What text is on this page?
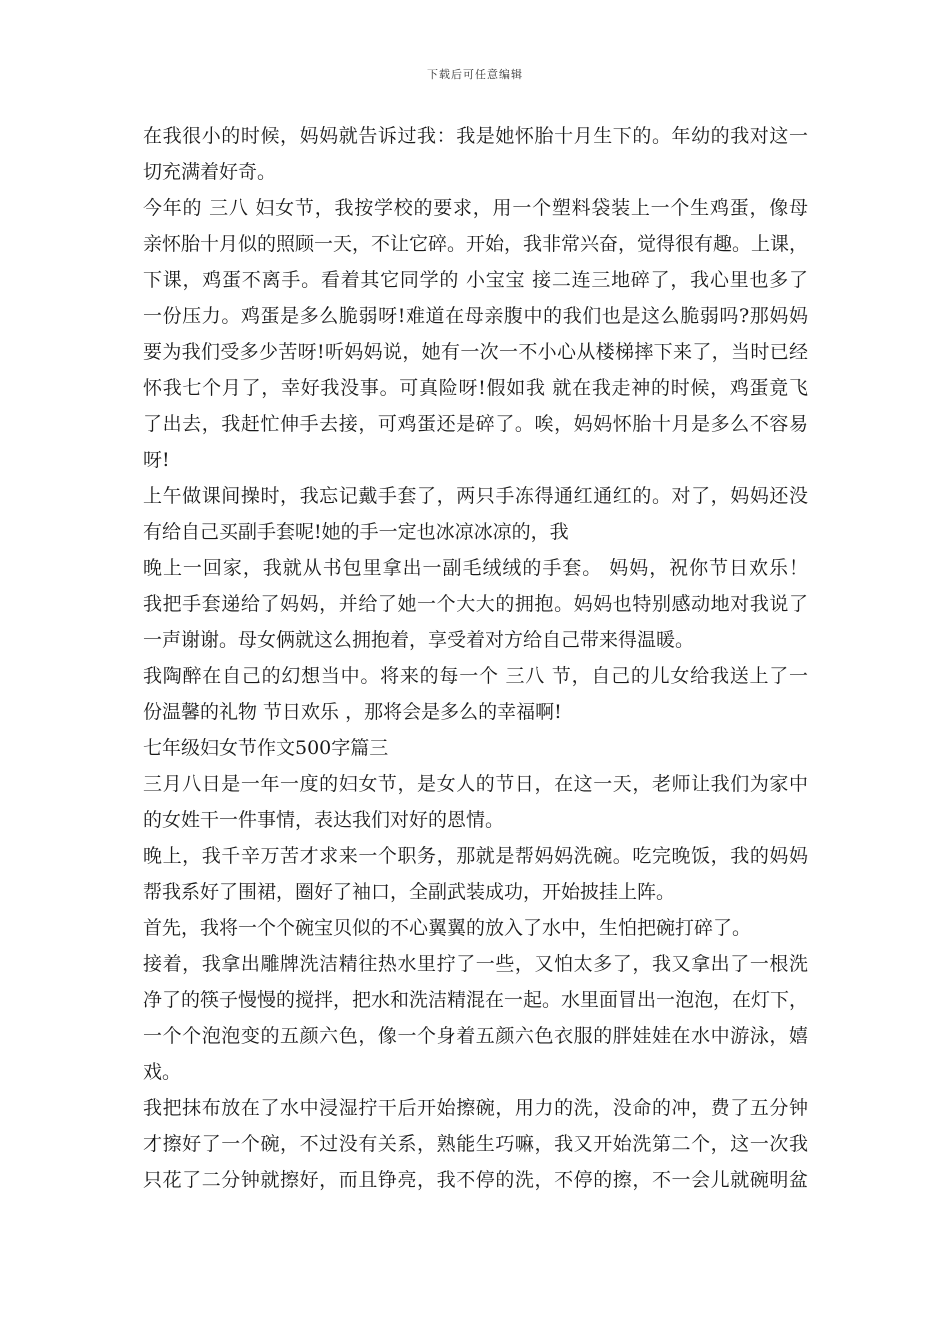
下载后可任意编辑
在我很小的时候，妈妈就告诉过我：我是她怀胎十月生下的。年幼的我对这一
切充满着好奇。
今年的 三八 妇女节，我按学校的要求，用一个塑料袋装上一个生鸡蛋，像母
亲怀胎十月似的照顾一天，不让它碎。开始，我非常兴奋，觉得很有趣。上课，
下课，鸡蛋不离手。看着其它同学的 小宝宝 接二连三地碎了，我心里也多了
一份压力。鸡蛋是多么脆弱呀!难道在母亲腹中的我们也是这么脆弱吗?那妈妈
要为我们受多少苦呀!听妈妈说，她有一次一不小心从楼梯摔下来了，当时已经
怀我七个月了，幸好我没事。可真险呀!假如我 就在我走神的时候，鸡蛋竟飞
了出去，我赶忙伸手去接，可鸡蛋还是碎了。唉，妈妈怀胎十月是多么不容易
呀!
上午做课间操时，我忘记戴手套了，两只手冻得通红通红的。对了，妈妈还没
有给自己买副手套呢!她的手一定也冰凉冰凉的，我
晚上一回家，我就从书包里拿出一副毛绒绒的手套。 妈妈，祝你节日欢乐！
我把手套递给了妈妈，并给了她一个大大的拥抱。妈妈也特别感动地对我说了
一声谢谢。母女俩就这么拥抱着，享受着对方给自己带来得温暖。
我陶醉在自己的幻想当中。将来的每一个 三八 节，自己的儿女给我送上了一
份温馨的礼物 节日欢乐 ，那将会是多么的幸福啊!
七年级妇女节作文500字篇三
三月八日是一年一度的妇女节，是女人的节日，在这一天，老师让我们为家中
的女姓干一件事情，表达我们对好的恩情。
晚上，我千辛万苦才求来一个职务，那就是帮妈妈洗碗。吃完晚饭，我的妈妈
帮我系好了围裙，圈好了袖口，全副武装成功，开始披挂上阵。
首先，我将一个个碗宝贝似的不心翼翼的放入了水中，生怕把碗打碎了。
接着，我拿出雕牌洗洁精往热水里拧了一些，又怕太多了，我又拿出了一根洗
净了的筷子慢慢的搅拌，把水和洗洁精混在一起。水里面冒出一泡泡，在灯下，
一个个泡泡变的五颜六色，像一个身着五颜六色衣服的胖娃娃在水中游泳，嬉
戏。
我把抹布放在了水中浸湿拧干后开始擦碗，用力的洗，没命的冲，费了五分钟
才擦好了一个碗，不过没有关系，熟能生巧嘛，我又开始洗第二个，这一次我
只花了二分钟就擦好，而且铮亮，我不停的洗，不停的擦，不一会儿就碗明盆
